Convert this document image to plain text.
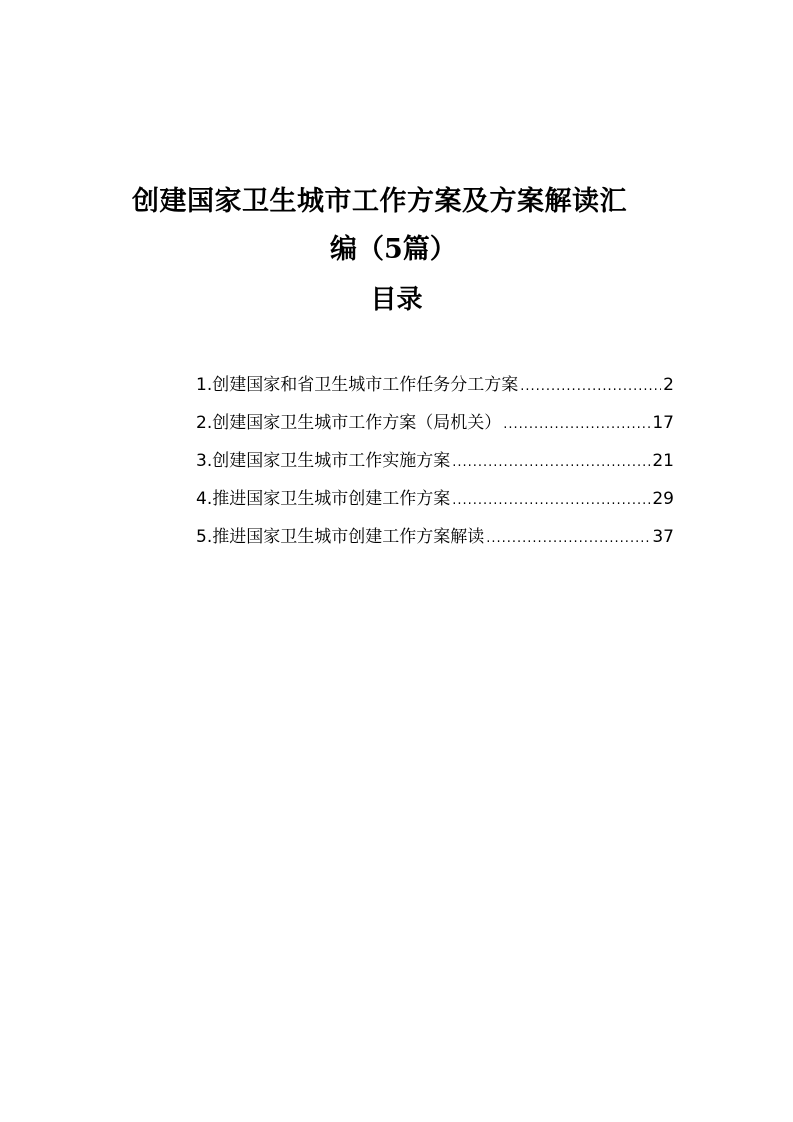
创建国家卫生城市工作方案及方案解读汇
编（5篇）
目录
1.创建国家和省卫生城市工作任务分工方案 .....	2
2.创建国家卫生城市工作方案（局机关） .....	17
3.创建国家卫生城市工作实施方案 .....	21
4.推进国家卫生城市创建工作方案 .....	29
5.推进国家卫生城市创建工作方案解读 .....	37
